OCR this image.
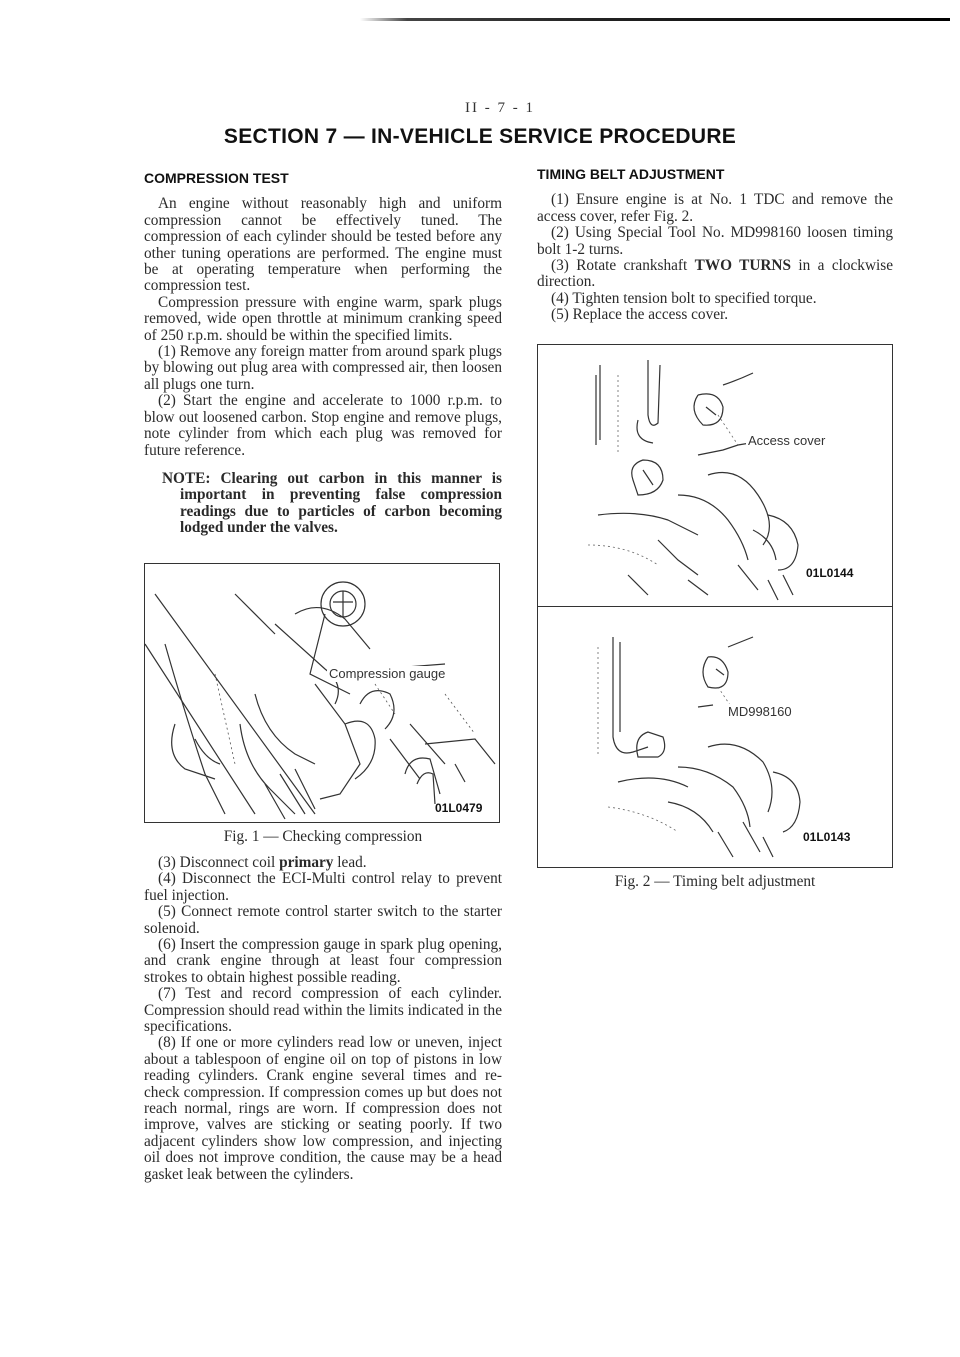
II - 7 - 1
SECTION 7 — IN-VEHICLE SERVICE PROCEDURE
COMPRESSION TEST

An engine without reasonably high and uniform compression cannot be effectively tuned. The compression of each cylinder should be tested before any other tuning operations are performed. The engine must be at operating temperature when performing the compression test.

Compression pressure with engine warm, spark plugs removed, wide open throttle at minimum cranking speed of 250 r.p.m. should be within the specified limits.

(1) Remove any foreign matter from around spark plugs by blowing out plug area with compressed air, then loosen all plugs one turn.

(2) Start the engine and accelerate to 1000 r.p.m. to blow out loosened carbon. Stop engine and remove plugs, note cylinder from which each plug was removed for future reference.

NOTE: Clearing out carbon in this manner is important in preventing false compression readings due to particles of carbon becoming lodged under the valves.

Compression gauge
01L0479

Fig. 1 — Checking compression

(3) Disconnect coil primary lead.

(4) Disconnect the ECI-Multi control relay to prevent fuel injection.

(5) Connect remote control starter switch to the starter solenoid.

(6) Insert the compression gauge in spark plug opening, and crank engine through at least four compression strokes to obtain highest possible reading.

(7) Test and record compression of each cylinder. Compression should read within the limits indicated in the specifications.

(8) If one or more cylinders read low or uneven, inject about a tablespoon of engine oil on top of pistons in low reading cylinders. Crank engine several times and re-check compression. If compression comes up but does not reach normal, rings are worn. If compression does not improve, valves are sticking or seating poorly. If two adjacent cylinders show low compression, and injecting oil does not improve condition, the cause may be a head gasket leak between the cylinders.

TIMING BELT ADJUSTMENT

(1) Ensure engine is at No. 1 TDC and remove the access cover, refer Fig. 2.

(2) Using Special Tool No. MD998160 loosen timing bolt 1-2 turns.

(3) Rotate crankshaft TWO TURNS in a clockwise direction.

(4) Tighten tension bolt to specified torque.

(5) Replace the access cover.

Access cover
01L0144
MD998160
01L0143

Fig. 2 — Timing belt adjustment
